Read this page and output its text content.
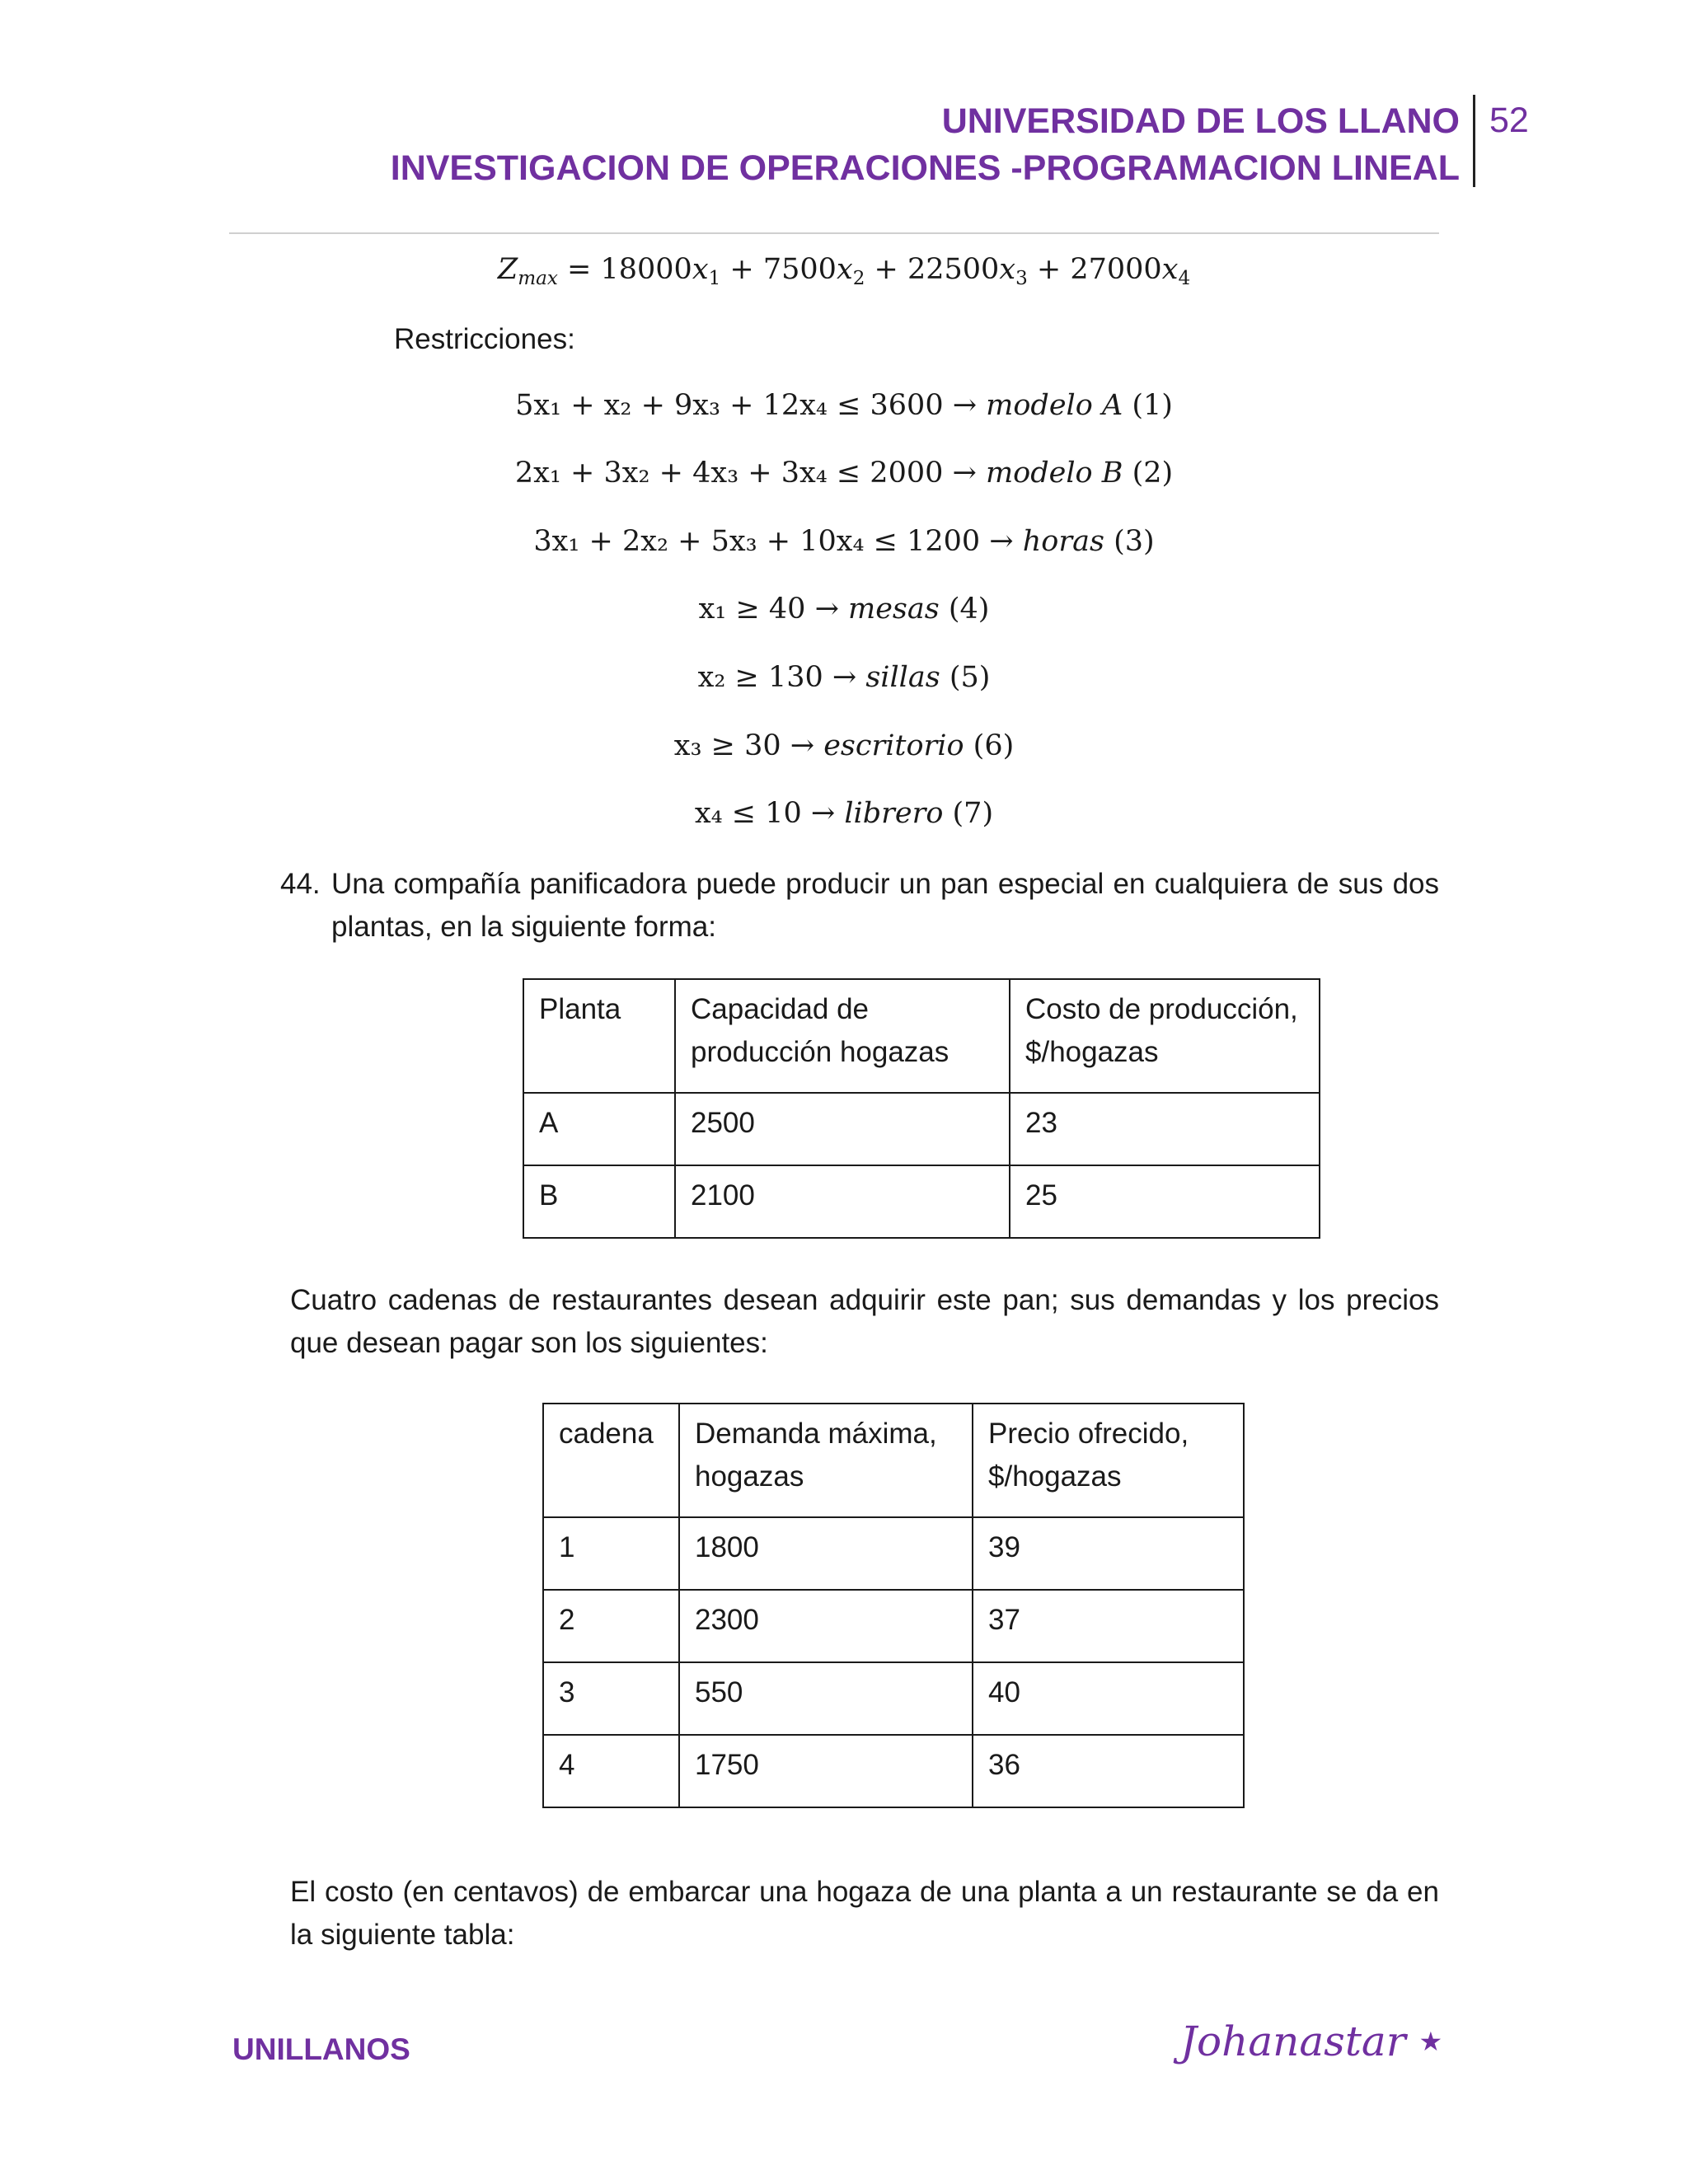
UNIVERSIDAD DE LOS LLANO
INVESTIGACION DE OPERACIONES -PROGRAMACION LINEAL
52
$Z_{max} = 18000x_1 + 7500x_2 + 22500x_3 + 27000x_4$
Restricciones:
5x₁ + x₂ + 9x₃ + 12x₄ ≤ 3600 → modelo A (1)
2x₁ + 3x₂ + 4x₃ + 3x₄ ≤ 2000 → modelo B (2)
3x₁ + 2x₂ + 5x₃ + 10x₄ ≤ 1200 → horas (3)
x₁ ≥ 40 → mesas (4)
x₂ ≥ 130 → sillas (5)
x₃ ≥ 30 → escritorio (6)
x₄ ≤ 10 → librero (7)
44. Una compañía panificadora puede producir un pan especial en cualquiera de sus dos plantas, en la siguiente forma:
Planta	Capacidad de producción hogazas	Costo de producción, $/hogazas
A	2500	23
B	2100	25
Cuatro cadenas de restaurantes desean adquirir este pan; sus demandas y los precios que desean pagar son los siguientes:
cadena	Demanda máxima, hogazas	Precio ofrecido, $/hogazas
1	1800	39
2	2300	37
3	550	40
4	1750	36
El costo (en centavos) de embarcar una hogaza de una planta a un restaurante se da en la siguiente tabla:
UNILLANOS	Johanastar ★
